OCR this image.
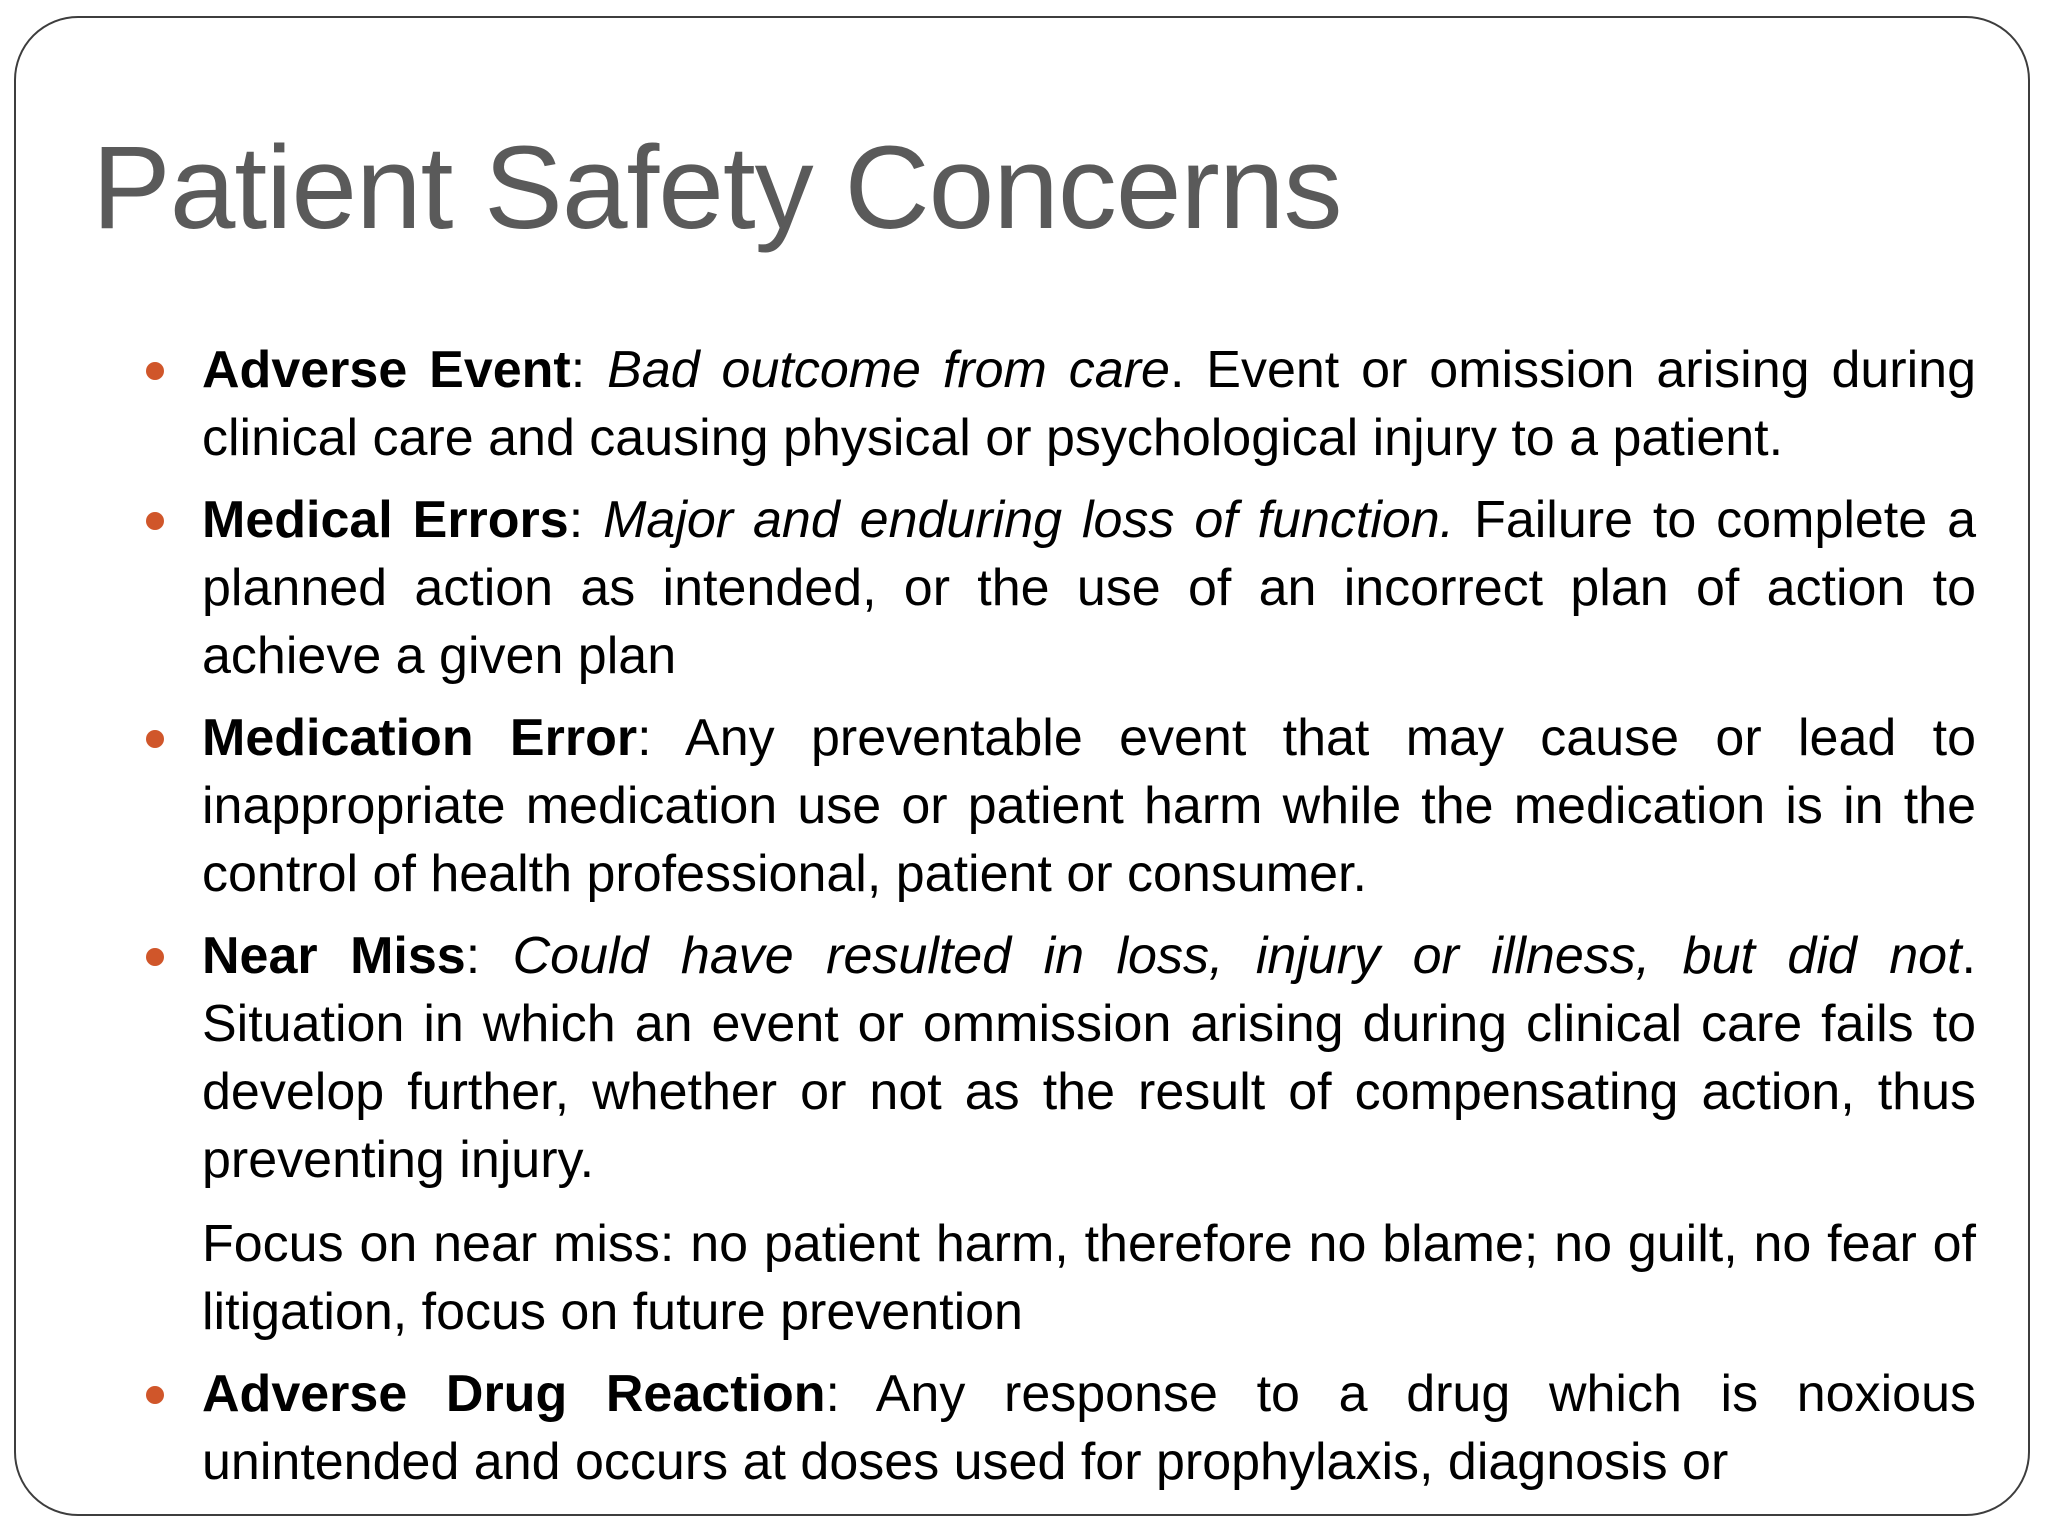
Patient Safety Concerns
Adverse Event: Bad outcome from care. Event or omission arising during clinical care and causing physical or psychological injury to a patient.
Medical Errors: Major and enduring loss of function. Failure to complete a planned action as intended, or the use of an incorrect plan of action to achieve a given plan
Medication Error: Any preventable event that may cause or lead to inappropriate medication use or patient harm while the medication is in the control of health professional, patient or consumer.
Near Miss: Could have resulted in loss, injury or illness, but did not. Situation in which an event or ommission arising during clinical care fails to develop further, whether or not as the result of compensating action, thus preventing injury.
Focus on near miss: no patient harm, therefore no blame; no guilt, no fear of litigation, focus on future prevention
Adverse Drug Reaction: Any response to a drug which is noxious unintended and occurs at doses used for prophylaxis, diagnosis or
